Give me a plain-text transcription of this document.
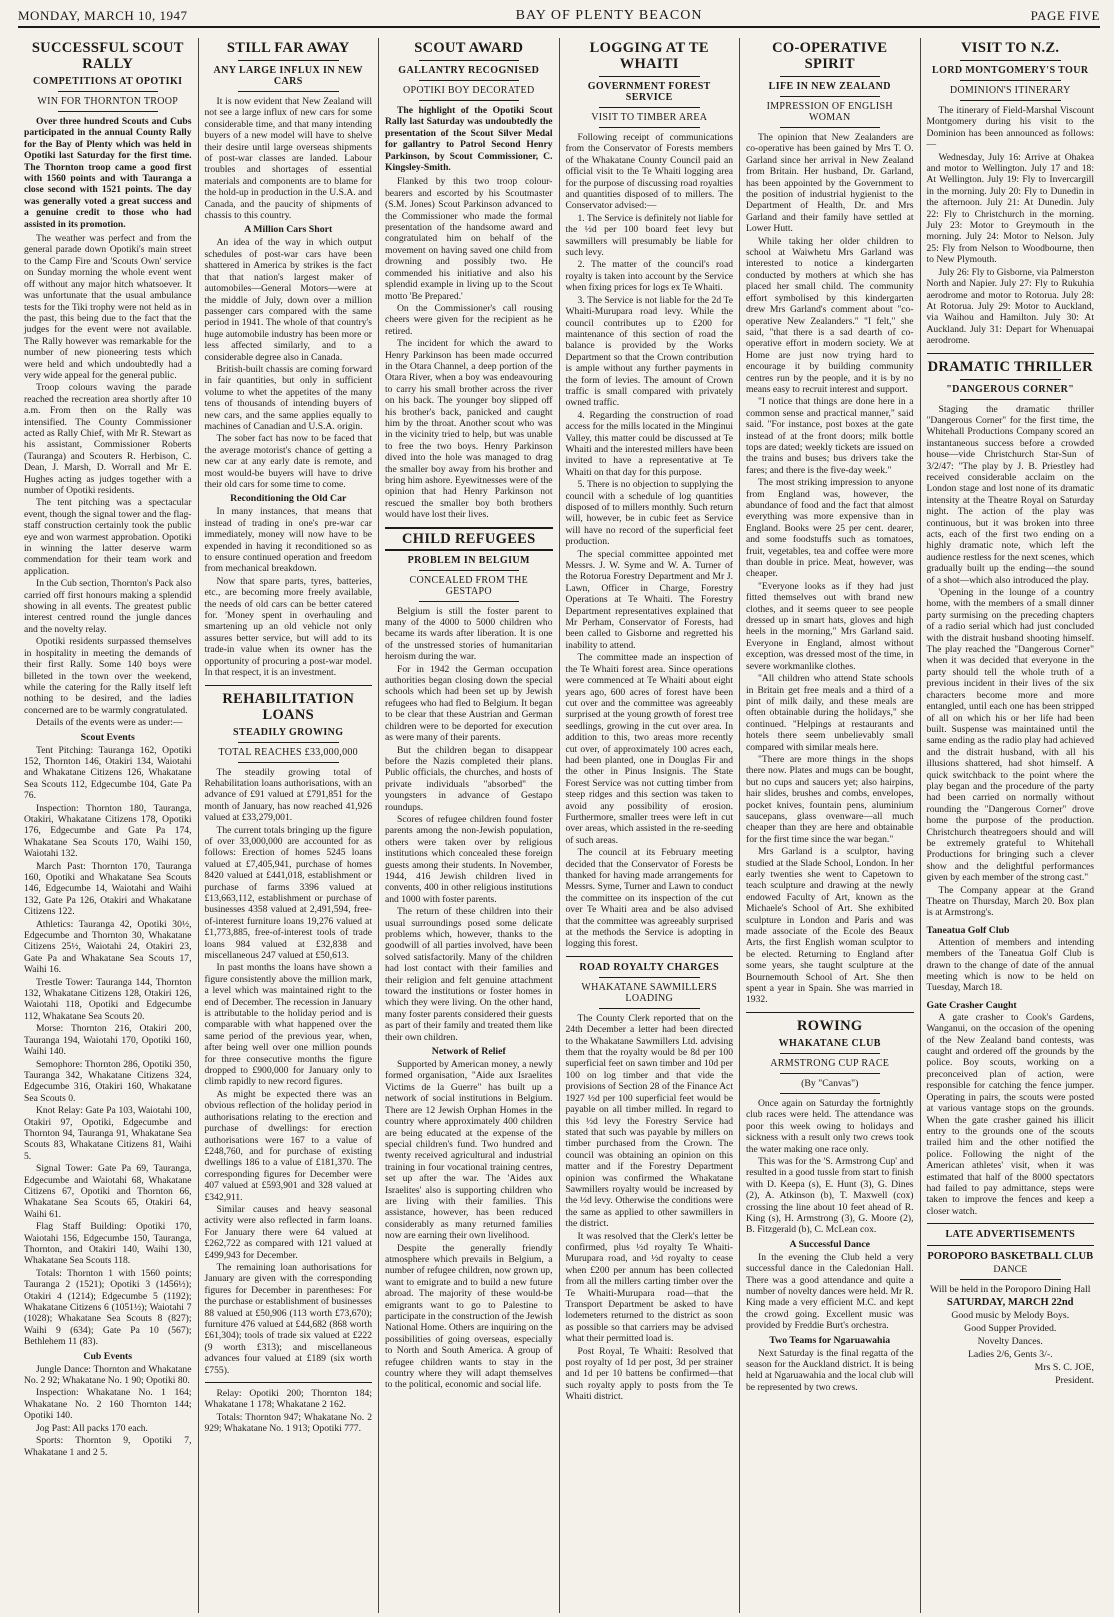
MONDAY, MARCH 10, 1947	BAY OF PLENTY BEACON	PAGE FIVE
SUCCESSFUL SCOUT RALLY
COMPETITIONS AT OPOTIKI
WIN FOR THORNTON TROOP
Over three hundred Scouts and Cubs participated in the annual County Rally for the Bay of Plenty which was held in Opotiki last Saturday for the first time. The Thornton troop came a good first with 1560 points and with Tauranga a close second with 1521 points. The day was generally voted a great success and a genuine credit to those who had assisted in its promotion.
The weather was perfect and from the general parade down Opotiki's main street to the Camp Fire and 'Scouts Own' service on Sunday morning the whole event went off without any major hitch whatsoever. It was unfortunate that the usual ambulance tests for the Tiki trophy were not held as in the past, this being due to the fact that the judges for the event were not available. The Rally however was remarkable for the number of new pioneering tests which were held and which undoubtedly had a very wide appeal for the general public.
Troop colours waving the parade reached the recreation area shortly after 10 a.m. From then on the Rally was intensified. The County Commissioner acted as Rally Chief, with Mr R. Stewart as his assistant, Commissioner Roberts (Tauranga) and Scouters R. Herbison, C. Dean, J. Marsh, D. Worrall and Mr E. Hughes acting as judges together with a number of Opotiki residents.
The tent pitching was a spectacular event, though the signal tower and the flag-staff construction certainly took the public eye and won warmest approbation. Opotiki in winning the latter deserve warm commendation for their team work and application.
In the Cub section, Thornton's Pack also carried off first honours making a splendid showing in all events. The greatest public interest centred round the jungle dances and the novelty relay.
Opotiki residents surpassed themselves in hospitality in meeting the demands of their first Rally. Some 140 boys were billeted in the town over the weekend, while the catering for the Rally itself left nothing to be desired, and the ladies concerned are to be warmly congratulated.
Details of the events were as under:—
Scout Events
Tent Pitching: Tauranga 162, Opotiki 152, Thornton 146, Otakiri 134, Waiotahi and Whakatane Citizens 126, Whakatane Sea Scouts 112, Edgecumbe 104, Gate Pa 76.
Inspection: Thornton 180, Tauranga, Otakiri, Whakatane Citizens 178, Opotiki 176, Edgecumbe and Gate Pa 174, Whakatane Sea Scouts 170, Waihi 150, Waiotahi 132.
March Past: Thornton 170, Tauranga 160, Opotiki and Whakatane Sea Scouts 146, Edgecumbe 14, Waiotahi and Waihi 132, Gate Pa 126, Otakiri and Whakatane Citizens 122.
Athletics: Tauranga 42, Opotiki 30½, Edgecumbe and Thornton 30, Whakatane Citizens 25½, Waiotahi 24, Otakiri 23, Gate Pa and Whakatane Sea Scouts 17, Waihi 16.
Trestle Tower: Tauranga 144, Thornton 132, Whakatane Citizens 128, Otakiri 126, Waiotahi 118, Opotiki and Edgecumbe 112, Whakatane Sea Scouts 20.
Morse: Thornton 216, Otakiri 200, Tauranga 194, Waiotahi 170, Opotiki 160, Waihi 140.
Semophore: Thornton 286, Opotiki 350, Tauranga 342, Whakatane Citizens 324, Edgecumbe 316, Otakiri 160, Whakatane Sea Scouts 0.
Knot Relay: Gate Pa 103, Waiotahi 100, Otakiri 97, Opotiki, Edgecumbe and Thornton 94, Tauranga 91, Whakatane Sea Scouts 83, Whakatane Citizens 81, Waihi 5.
Signal Tower: Gate Pa 69, Tauranga, Edgecumbe and Waiotahi 68, Whakatane Citizens 67, Opotiki and Thornton 66, Whakatane Sea Scouts 65, Otakiri 64, Waihi 61.
Flag Staff Building: Opotiki 170, Waiotahi 156, Edgecumbe 150, Tauranga, Thornton, and Otakiri 140, Waihi 130, Whakatane Sea Scouts 118.
Totals: Thornton 1 with 1560 points; Tauranga 2 (1521); Opotiki 3 (1456½); Otakiri 4 (1214); Edgecumbe 5 (1192); Whakatane Citizens 6 (1051½); Waiotahi 7 (1028); Whakatane Sea Scouts 8 (827); Waihi 9 (634); Gate Pa 10 (567); Bethlehem 11 (83).
Cub Events
Jungle Dance: Thornton and Whakatane No. 2 92; Whakatane No. 1 90; Opotiki 80.
Inspection: Whakatane No. 1 164; Whakatane No. 2 160 Thornton 144; Opotiki 140.
Jog Past: All packs 170 each.
Sports: Thornton 9, Opotiki 7, Whakatane 1 and 2 5.
STILL FAR AWAY
ANY LARGE INFLUX IN NEW CARS
It is now evident that New Zealand will not see a large influx of new cars for some considerable time, and that many intending buyers of a new model will have to shelve their desire until large overseas shipments of post-war classes are landed. Labour troubles and shortages of essential materials and components are to blame for the hold-up in production in the U.S.A. and Canada, and the paucity of shipments of chassis to this country.
A Million Cars Short
An idea of the way in which output schedules of post-war cars have been shattered in America by strikes is the fact that that nation's largest maker of automobiles—General Motors—were at the middle of July, down over a million passenger cars compared with the same period in 1941. The whole of that country's huge automobile industry has been more or less affected similarly, and to a considerable degree also in Canada.
British-built chassis are coming forward in fair quantities, but only in sufficient volume to whet the appetites of the many tens of thousands of intending buyers of new cars, and the same applies equally to machines of Canadian and U.S.A. origin.
The sober fact has now to be faced that the average motorist's chance of getting a new car at any early date is remote, and most would-be buyers will have to drive their old cars for some time to come.
Reconditioning the Old Car
In many instances, that means that instead of trading in one's pre-war car immediately, money will now have to be expended in having it reconditioned so as to ensure continued operation and freedom from mechanical breakdown.
Now that spare parts, tyres, batteries, etc., are becoming more freely available, the needs of old cars can be better catered for. 'Money spent in overhauling and smartening up an old vehicle not only assures better service, but will add to its trade-in value when its owner has the opportunity of procuring a post-war model. In that respect, it is an investment.
REHABILITATION LOANS
STEADILY GROWING
TOTAL REACHES £33,000,000
The steadily growing total of Rehabilitation loans authorisations, with an advance of £91 valued at £791,851 for the month of January, has now reached 41,926 valued at £33,279,001.
The current totals bringing up the figure of over 33,000,000 are accounted for as follows: Erection of homes 5245 loans valued at £7,405,941, purchase of homes 8420 valued at £441,018, establishment or purchase of farms 3396 valued at £13,663,112, establishment or purchase of businesses 4358 valued at 2,491,594, free-of-interest furniture loans 19,276 valued at £1,773,885, free-of-interest tools of trade loans 984 valued at £32,838 and miscellaneous 247 valued at £50,613.
In past months the loans have shown a figure consistently above the million mark, a level which was maintained right to the end of December. The recession in January is attributable to the holiday period and is comparable with what happened over the same period of the previous year, when, after being well over one million pounds for three consecutive months the figure dropped to £900,000 for January only to climb rapidly to new record figures.
As might be expected there was an obvious reflection of the holiday period in authorisations relating to the erection and purchase of dwellings: for erection authorisations were 167 to a value of £248,760, and for purchase of existing dwellings 186 to a value of £181,370. The corresponding figures for December were 407 valued at £593,901 and 328 valued at £342,911.
Similar causes and heavy seasonal activity were also reflected in farm loans. For January there were 64 valued at £262,722 as compared with 121 valued at £499,943 for December.
The remaining loan authorisations for January are given with the corresponding figures for December in parentheses: For the purchase or establishment of businesses 88 valued at £50,906 (113 worth £73,670); furniture 476 valued at £44,682 (868 worth £61,304); tools of trade six valued at £222 (9 worth £313); and miscellaneous advances four valued at £189 (six worth £755).
Relay: Opotiki 200; Thornton 184; Whakatane 1 178; Whakatane 2 162.
Totals: Thornton 947; Whakatane No. 2 929; Whakatane No. 1 913; Opotiki 777.
SCOUT AWARD
GALLANTRY RECOGNISED
OPOTIKI BOY DECORATED
The highlight of the Opotiki Scout Rally last Saturday was undoubtedly the presentation of the Scout Silver Medal for gallantry to Patrol Second Henry Parkinson, by Scout Commissioner, C. Kingsley-Smith.
Flanked by this two troop colour-bearers and escorted by his Scoutmaster (S.M. Jones) Scout Parkinson advanced to the Commissioner who made the formal presentation of the handsome award and congratulated him on behalf of the movement on having saved one child from drowning and possibly two. He commended his initiative and also his splendid example in living up to the Scout motto 'Be Prepared.'
On the Commissioner's call rousing cheers were given for the recipient as he retired.
The incident for which the award to Henry Parkinson has been made occurred in the Otara Channel, a deep portion of the Otara River, when a boy was endeavouring to carry his small brother across the river on his back. The younger boy slipped off his brother's back, panicked and caught him by the throat. Another scout who was in the vicinity tried to help, but was unable to free the two boys. Henry Parkinson dived into the hole was managed to drag the smaller boy away from his brother and bring him ashore. Eyewitnesses were of the opinion that had Henry Parkinson not rescued the smaller boy both brothers would have lost their lives.
CHILD REFUGEES
PROBLEM IN BELGIUM
CONCEALED FROM THE GESTAPO
Belgium is still the foster parent to many of the 4000 to 5000 children who became its wards after liberation. It is one of the unstressed stories of humanitarian heroism during the war.
For in 1942 the German occupation authorities began closing down the special schools which had been set up by Jewish refugees who had fled to Belgium. It began to be clear that these Austrian and German children were to be deported for execution as were many of their parents.
But the children began to disappear before the Nazis completed their plans. Public officials, the churches, and hosts of private individuals "absorbed" the youngsters in advance of Gestapo roundups.
Scores of refugee children found foster parents among the non-Jewish population, others were taken over by religious institutions which concealed these foreign guests among their students. In November, 1944, 416 Jewish children lived in convents, 400 in other religious institutions and 1000 with foster parents.
The return of these children into their usual surroundings posed some delicate problems which, however, thanks to the goodwill of all parties involved, have been solved satisfactorily. Many of the children had lost contact with their families and their religion and felt genuine attachment toward the institutions or foster homes in which they were living. On the other hand, many foster parents considered their guests as part of their family and treated them like their own children.
Network of Relief
Supported by American money, a newly formed organisation, "Aide aux Israelites Victims de la Guerre" has built up a network of social institutions in Belgium. There are 12 Jewish Orphan Homes in the country where approximately 400 children are being educated at the expense of the special children's fund. Two hundred and twenty received agricultural and industrial training in four vocational training centres, set up after the war. The 'Aides aux Israelites' also is supporting children who are living with their families. This assistance, however, has been reduced considerably as many returned families now are earning their own livelihood.
Despite the generally friendly atmosphere which prevails in Belgium, a number of refugee children, now grown up, want to emigrate and to build a new future abroad. The majority of these would-be emigrants want to go to Palestine to participate in the construction of the Jewish National Home. Others are inquiring on the possibilities of going overseas, especially to North and South America. A group of refugee children wants to stay in the country where they will adapt themselves to the political, economic and social life.
LOGGING AT TE WHAITI
GOVERNMENT FOREST SERVICE
VISIT TO TIMBER AREA
Following receipt of communications from the Conservator of Forests members of the Whakatane County Council paid an official visit to the Te Whaiti logging area for the purpose of discussing road royalties and quantities disposed of to millers. The Conservator advised:—
1. The Service is definitely not liable for the ½d per 100 board feet levy but sawmillers will presumably be liable for such levy.
2. The matter of the council's road royalty is taken into account by the Service when fixing prices for logs ex Te Whaiti.
3. The Service is not liable for the 2d Te Whaiti-Murupara road levy. While the council contributes up to £200 for maintenance of this section of road the balance is provided by the Works Department so that the Crown contribution is ample without any further payments in the form of levies. The amount of Crown traffic is small compared with privately owned traffic.
4. Regarding the construction of road access for the mills located in the Minginui Valley, this matter could be discussed at Te Whaiti and the interested millers have been invited to have a representative at Te Whaiti on that day for this purpose.
5. There is no objection to supplying the council with a schedule of log quantities disposed of to millers monthly. Such return will, however, be in cubic feet as Service will have no record of the superficial feet production.
The special committee appointed met Messrs. J. W. Syme and W. A. Turner of the Rotorua Forestry Department and Mr J. Lawn, Officer in Charge, Forestry Operations at Te Whaiti. The Forestry Department representatives explained that Mr Perham, Conservator of Forests, had been called to Gisborne and regretted his inability to attend.
The committee made an inspection of the Te Whaiti forest area. Since operations were commenced at Te Whaiti about eight years ago, 600 acres of forest have been cut over and the committee was agreeably surprised at the young growth of forest tree seedlings, growing in the cut over area. In addition to this, two areas more recently cut over, of approximately 100 acres each, had been planted, one in Douglas Fir and the other in Pinus Insignis. The State Forest Service was not cutting timber from steep ridges and this section was taken to avoid any possibility of erosion. Furthermore, smaller trees were left in cut over areas, which assisted in the re-seeding of such areas.
The council at its February meeting decided that the Conservator of Forests be thanked for having made arrangements for Messrs. Syme, Turner and Lawn to conduct the committee on its inspection of the cut over Te Whaiti area and be also advised that the committee was agreeably surprised at the methods the Service is adopting in logging this forest.
ROAD ROYALTY CHARGES
WHAKATANE SAWMILLERS LOADING
The County Clerk reported that on the 24th December a letter had been directed to the Whakatane Sawmillers Ltd. advising them that the royalty would be 8d per 100 superficial feet on sawn timber and 10d per 100 on log timber and that vide the provisions of Section 28 of the Finance Act 1927 ½d per 100 superficial feet would be payable on all timber milled. In regard to this ½d levy the Forestry Service had stated that such was payable by millers on timber purchased from the Crown. The council was obtaining an opinion on this matter and if the Forestry Department opinion was confirmed the Whakatane Sawmillers royalty would be increased by the ½d levy. Otherwise the conditions were the same as applied to other sawmillers in the district.
It was resolved that the Clerk's letter be confirmed, plus ½d royalty Te Whaiti-Murupara road, and ½d royalty to cease when £200 per annum has been collected from all the millers carting timber over the Te Whaiti-Murupara road—that the Transport Department be asked to have lodemeters returned to the district as soon as possible so that carriers may be advised what their permitted load is.
Post Royal, Te Whaiti: Resolved that post royalty of 1d per post, 3d per strainer and 1d per 10 battens be confirmed—that such royalty apply to posts from the Te Whaiti district.
CO-OPERATIVE SPIRIT
LIFE IN NEW ZEALAND
IMPRESSION OF ENGLISH WOMAN
The opinion that New Zealanders are co-operative has been gained by Mrs T. O. Garland since her arrival in New Zealand from Britain. Her husband, Dr. Garland, has been appointed by the Government to the position of industrial hygienist to the Department of Health, Dr. and Mrs Garland and their family have settled at Lower Hutt.
While taking her older children to school at Waiwhetu Mrs Garland was interested to notice a kindergarten conducted by mothers at which she has placed her small child. The community effort symbolised by this kindergarten drew Mrs Garland's comment about "co-operative New Zealanders." "I felt," she said, "that there is a sad dearth of co-operative effort in modern society. We at Home are just now trying hard to encourage it by building community centres run by the people, and it is by no means easy to recruit interest and support.
"I notice that things are done here in a common sense and practical manner," said said. "For instance, post boxes at the gate instead of at the front doors; milk bottle tops are dated; weekly tickets are issued on the trains and buses; bus drivers take the fares; and there is the five-day week."
The most striking impression to anyone from England was, however, the abundance of food and the fact that almost everything was more expensive than in England. Books were 25 per cent. dearer, and some foodstuffs such as tomatoes, fruit, vegetables, tea and coffee were more than double in price. Meat, however, was cheaper.
"Everyone looks as if they had just fitted themselves out with brand new clothes, and it seems queer to see people dressed up in smart hats, gloves and high heels in the morning," Mrs Garland said. Everyone in England, almost without exception, was dressed most of the time, in severe workmanlike clothes.
"All children who attend State schools in Britain get free meals and a third of a pint of milk daily, and these meals are often obtainable during the holidays," she continued. "Helpings at restaurants and hotels there seem unbelievably small compared with similar meals here.
"There are more things in the shops there now. Plates and mugs can be bought, but no cups and saucers yet; also hairpins, hair slides, brushes and combs, envelopes, pocket knives, fountain pens, aluminium saucepans, glass ovenware—all much cheaper than they are here and obtainable for the first time since the war began."
Mrs Garland is a sculptor, having studied at the Slade School, London. In her early twenties she went to Capetown to teach sculpture and drawing at the newly endowed Faculty of Art, known as the Michaele's School of Art. She exhibited sculpture in London and Paris and was made associate of the Ecole des Beaux Arts, the first English woman sculptor to be elected. Returning to England after some years, she taught sculpture at the Bournemouth School of Art. She then spent a year in Spain. She was married in 1932.
ROWING
WHAKATANE CLUB
ARMSTRONG CUP RACE
(By "Canvas")
Once again on Saturday the fortnightly club races were held. The attendance was poor this week owing to holidays and sickness with a result only two crews took the water making one race only.
This was for the 'S. Armstrong Cup' and resulted in a good tussle from start to finish with D. Keepa (s), E. Hunt (3), G. Dines (2), A. Atkinson (b), T. Maxwell (cox) crossing the line about 10 feet ahead of R. King (s), H. Armstrong (3), G. Moore (2), B. Fitzgerald (b), C. McLean cox.
A Successful Dance
In the evening the Club held a very successful dance in the Caledonian Hall. There was a good attendance and quite a number of novelty dances were held. Mr R. King made a very efficient M.C. and kept the crowd going. Excellent music was provided by Freddie Burt's orchestra.
Two Teams for Ngaruawahia
Next Saturday is the final regatta of the season for the Auckland district. It is being held at Ngaruawahia and the local club will be represented by two crews.
VISIT TO N.Z.
LORD MONTGOMERY'S TOUR
DOMINION'S ITINERARY
The itinerary of Field-Marshal Viscount Montgomery during his visit to the Dominion has been announced as follows:—
Wednesday, July 16: Arrive at Ohakea and motor to Wellington. July 17 and 18: At Wellington. July 19: Fly to Invercargill in the morning. July 20: Fly to Dunedin in the afternoon. July 21: At Dunedin. July 22: Fly to Christchurch in the morning. July 23: Motor to Greymouth in the morning. July 24: Motor to Nelson. July 25: Fly from Nelson to Woodbourne, then to New Plymouth.
July 26: Fly to Gisborne, via Palmerston North and Napier. July 27: Fly to Rukuhia aerodrome and motor to Rotorua. July 28: At Rotorua. July 29: Motor to Auckland, via Waihou and Hamilton. July 30: At Auckland. July 31: Depart for Whenuapai aerodrome.
DRAMATIC THRILLER
"DANGEROUS CORNER"
Staging the dramatic thriller "Dangerous Corner" for the first time, the Whitehall Productions Company scored an instantaneous success before a crowded house—vide Christchurch Star-Sun of 3/2/47: "The play by J. B. Priestley had received considerable acclaim on the London stage and lost none of its dramatic intensity at the Theatre Royal on Saturday night. The action of the play was continuous, but it was broken into three acts, each of the first two ending on a highly dramatic note, which left the audience restless for the next scenes, which gradually built up the ending—the sound of a shot—which also introduced the play.
'Opening in the lounge of a country home, with the members of a small dinner party surmising on the preceding chapters of a radio serial which had just concluded with the distrait husband shooting himself. The play reached the "Dangerous Corner" when it was decided that everyone in the party should tell the whole truth of a previous incident in their lives of the six characters become more and more entangled, until each one has been stripped of all on which his or her life had been built. Suspense was maintained until the same ending as the radio play had achieved and the distrait husband, with all his illusions shattered, had shot himself. A quick switchback to the point where the play began and the procedure of the party had been carried on normally without rounding the "Dangerous Corner" drove home the purpose of the production. Christchurch theatregoers should and will be extremely grateful to Whitehall Productions for bringing such a clever show and the delightful performances given by each member of the strong cast."
The Company appear at the Grand Theatre on Thursday, March 20. Box plan is at Armstrong's.
Taneatua Golf Club
Attention of members and intending members of the Taneatua Golf Club is drawn to the change of date of the annual meeting which is now to be held on Tuesday, March 18.
Gate Crasher Caught
A gate crasher to Cook's Gardens, Wanganui, on the occasion of the opening of the New Zealand band contests, was caught and ordered off the grounds by the police. Boy scouts, working on a preconceived plan of action, were responsible for catching the fence jumper. Operating in pairs, the scouts were posted at various vantage stops on the grounds. When the gate crasher gained his illicit entry to the grounds one of the scouts trailed him and the other notified the police. Following the night of the American athletes' visit, when it was estimated that half of the 8000 spectators had failed to pay admittance, steps were taken to improve the fences and keep a closer watch.
LATE ADVERTISEMENTS
POROPORO BASKETBALL CLUB
DANCE
Will be held in the Poroporo Dining Hall
SATURDAY, MARCH 22nd
Good music by Melody Boys.
Good Supper Provided.
Novelty Dances.
Ladies 2/6, Gents 3/-.
Mrs S. C. JOE,
President.
